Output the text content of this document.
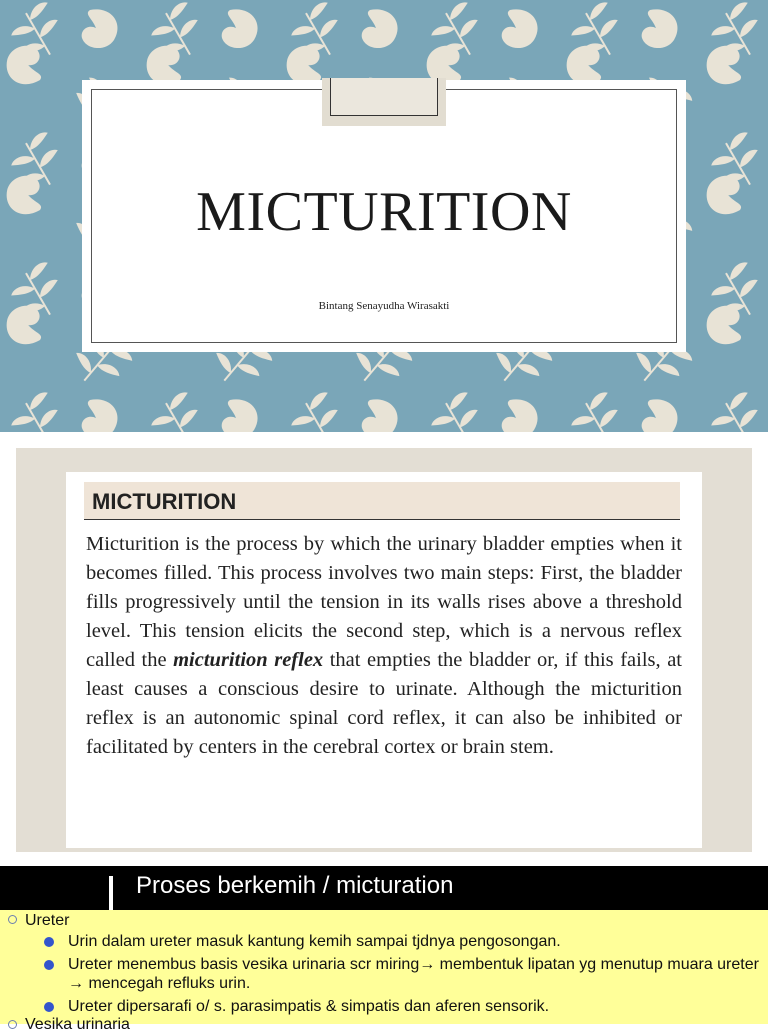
MICTURITION
Bintang Senayudha Wirasakti
MICTURITION

Micturition is the process by which the urinary bladder empties when it becomes filled. This process involves two main steps: First, the bladder fills progressively until the tension in its walls rises above a threshold level. This tension elicits the second step, which is a nervous reflex called the micturition reflex that empties the bladder or, if this fails, at least causes a conscious desire to urinate. Although the micturition reflex is an autonomic spinal cord reflex, it can also be inhibited or facilitated by centers in the cerebral cortex or brain stem.

Proses berkemih / micturation
Ureter
Urin dalam ureter masuk kantung kemih sampai tjdnya pengosongan.
Ureter menembus basis vesika urinaria scr miring→ membentuk lipatan yg menutup muara ureter → mencegah refluks urin.
Ureter dipersarafi o/ s. parasimpatis & simpatis dan aferen sensorik.
Vesika urinaria
